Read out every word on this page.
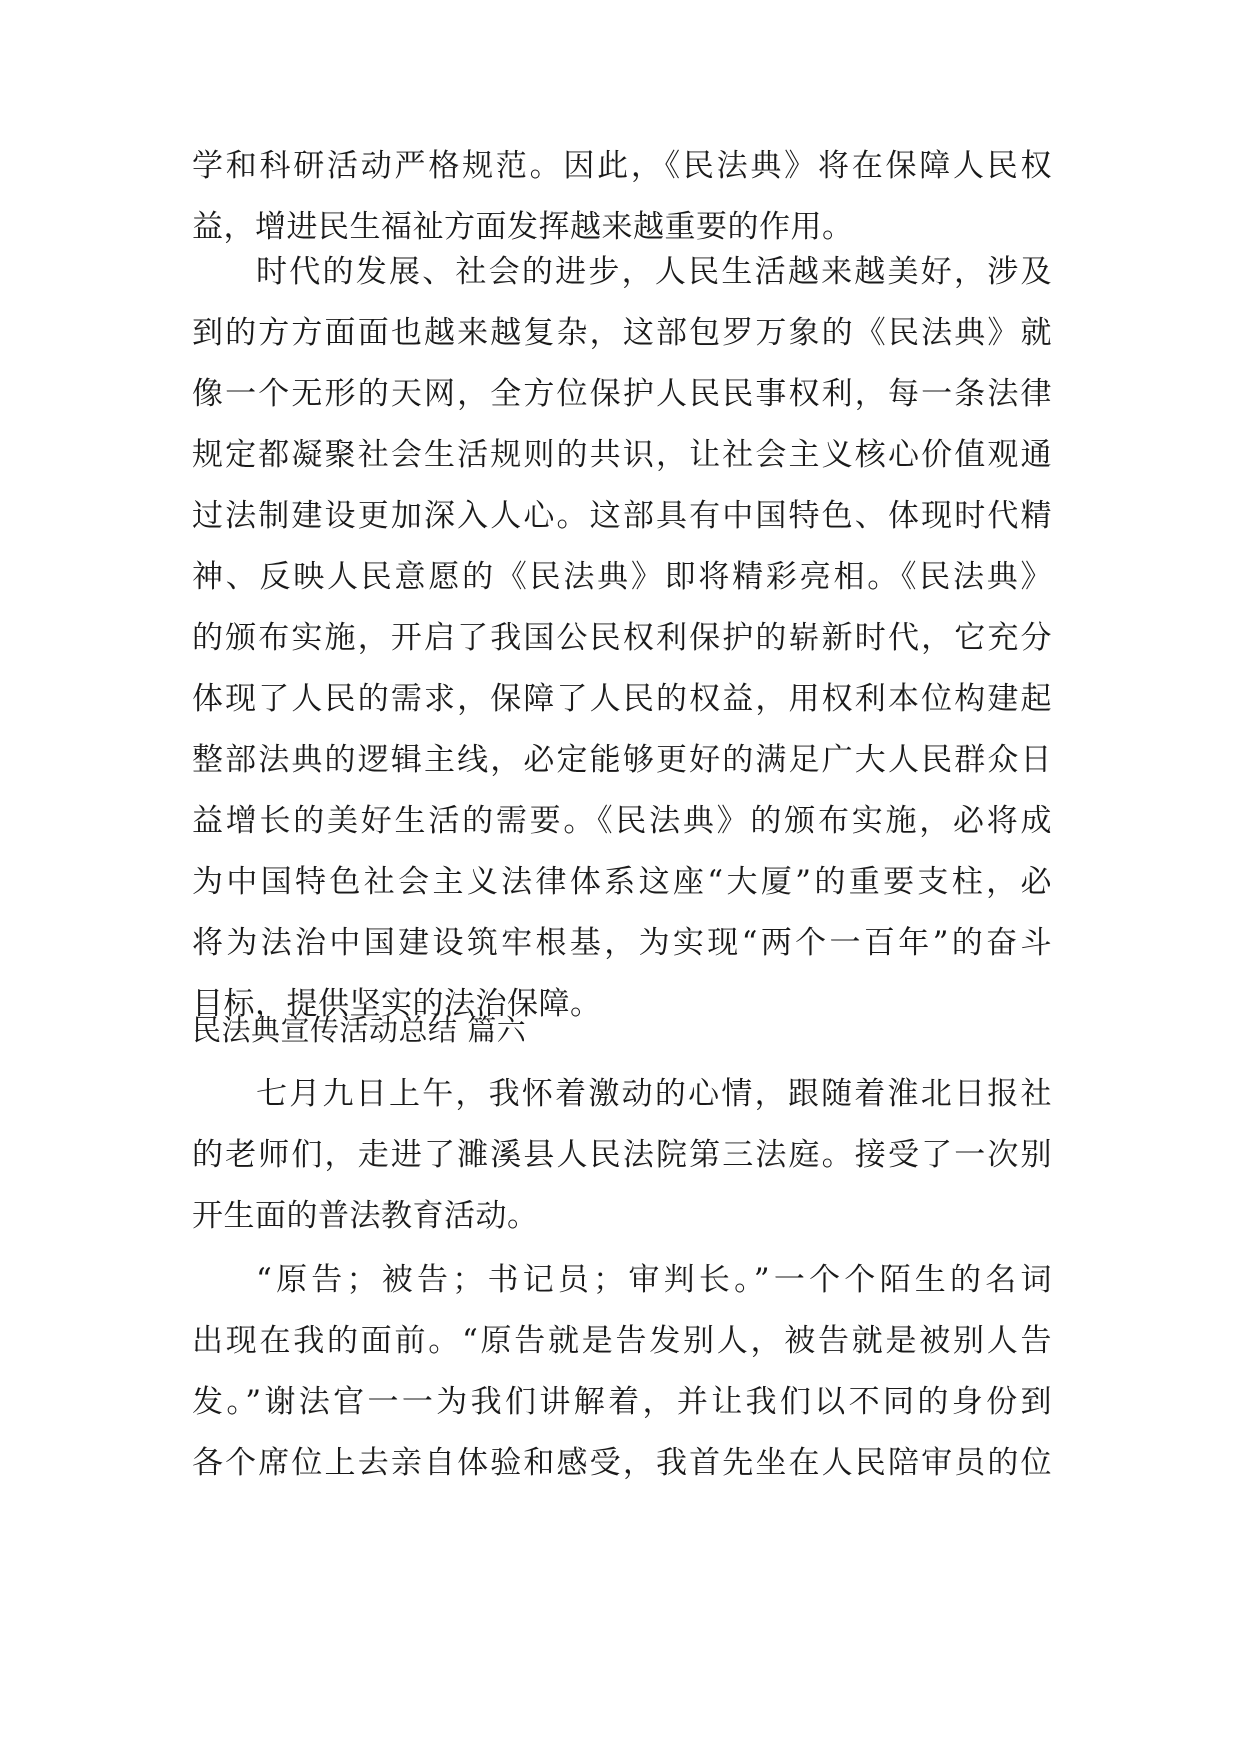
学和科研活动严格规范。因此，《民法典》将在保障人民权
益，增进民生福祉方面发挥越来越重要的作用。
时代的发展、社会的进步，人民生活越来越美好，涉及
到的方方面面也越来越复杂，这部包罗万象的《民法典》就
像一个无形的天网，全方位保护人民民事权利，每一条法律
规定都凝聚社会生活规则的共识，让社会主义核心价值观通
过法制建设更加深入人心。这部具有中国特色、体现时代精
神、反映人民意愿的《民法典》即将精彩亮相。《民法典》
的颁布实施，开启了我国公民权利保护的崭新时代，它充分
体现了人民的需求，保障了人民的权益，用权利本位构建起
整部法典的逻辑主线，必定能够更好的满足广大人民群众日
益增长的美好生活的需要。《民法典》的颁布实施，必将成
为中国特色社会主义法律体系这座“大厦”的重要支柱，必
将为法治中国建设筑牢根基，为实现“两个一百年”的奋斗
目标，提供坚实的法治保障。
民法典宣传活动总结 篇六
七月九日上午，我怀着激动的心情，跟随着淮北日报社
的老师们，走进了濉溪县人民法院第三法庭。接受了一次别
开生面的普法教育活动。
“原告；被告；书记员；审判长。”一个个陌生的名词
出现在我的面前。“原告就是告发别人，被告就是被别人告
发。”谢法官一一为我们讲解着，并让我们以不同的身份到
各个席位上去亲自体验和感受，我首先坐在人民陪审员的位
